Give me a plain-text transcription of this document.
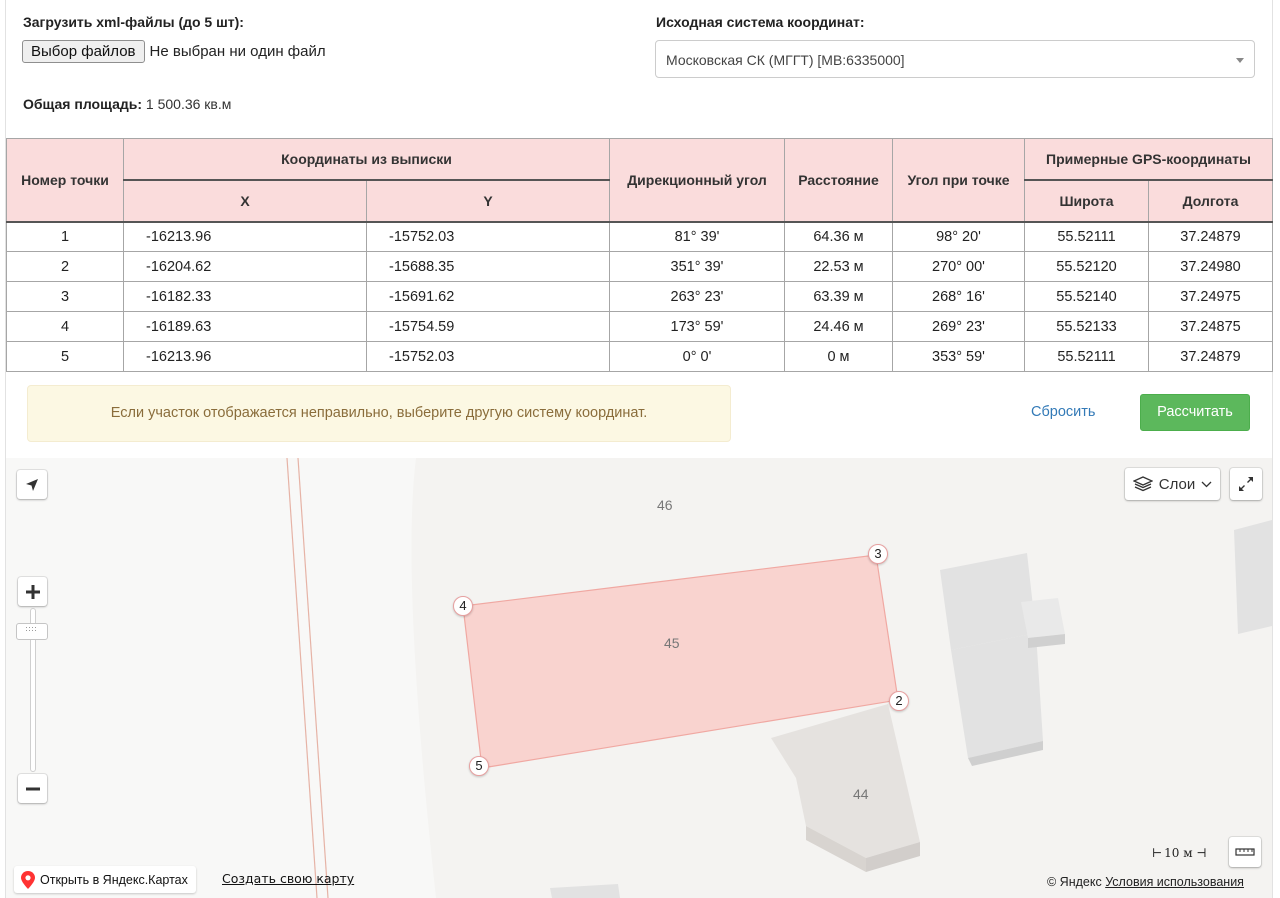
Загрузить xml-файлы (до 5 шт):
Выбор файлов Не выбран ни один файл
Общая площадь: 1 500.36 кв.м
Исходная система координат:
Московская СК (МГГТ) [MB:6335000]
Номер точки	Координаты из выписки		Дирекционный угол	Расстояние	Угол при точке	Примерные GPS-координаты	
	X	Y				Широта	Долгота
1	-16213.96	-15752.03	81° 39'	64.36 м	98° 20'	55.52111	37.24879
2	-16204.62	-15688.35	351° 39'	22.53 м	270° 00'	55.52120	37.24980
3	-16182.33	-15691.62	263° 23'	63.39 м	268° 16'	55.52140	37.24975
4	-16189.63	-15754.59	173° 59'	24.46 м	269° 23'	55.52133	37.24875
5	-16213.96	-15752.03	0° 0'	0 м	353° 59'	55.52111	37.24879
Если участок отображается неправильно, выберите другую систему координат.	Сбросить	Рассчитать
46
45
44
3
4
2
5
Слои
⊢ 10 м ⊣
Открыть в Яндекс.Картах	Создать свою карту	© Яндекс Условия использования
